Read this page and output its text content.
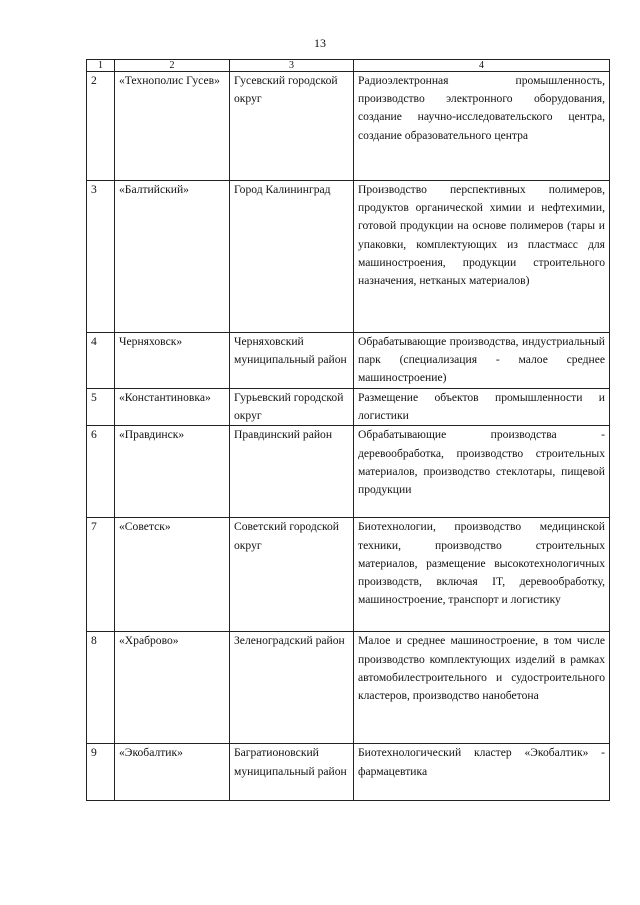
13
1	2	3	4
2	«Технополис Гусев»	Гусевский городской округ	Радиоэлектронная промышленность, производство электронного оборудования, создание научно-исследовательского центра, создание образовательного центра
3	«Балтийский»	Город Калининград	Производство перспективных полимеров, продуктов органической химии и нефтехимии, готовой продукции на основе полимеров (тары и упаковки, комплектующих из пластмасс для машиностроения, продукции строительного назначения, нетканых материалов)
4	Черняховск»	Черняховский муниципальный район	Обрабатывающие производства, индустриальный парк (специализация - малое среднее машиностроение)
5	«Константиновка»	Гурьевский городской округ	Размещение объектов промышленности и логистики
6	«Правдинск»	Правдинский район	Обрабатывающие производства - деревообработка, производство строительных материалов, производство стеклотары, пищевой продукции
7	«Советск»	Советский городской округ	Биотехнологии, производство медицинской техники, производство строительных материалов, размещение высокотехнологичных производств, включая IT, деревообработку, машиностроение, транспорт и логистику
8	«Храброво»	Зеленоградский район	Малое и среднее машиностроение, в том числе производство комплектующих изделий в рамках автомобилестроительного и судостроительного кластеров, производство нанобетона
9	«Экобалтик»	Багратионовский муниципальный район	Биотехнологический кластер «Экобалтик» - фармацевтика
